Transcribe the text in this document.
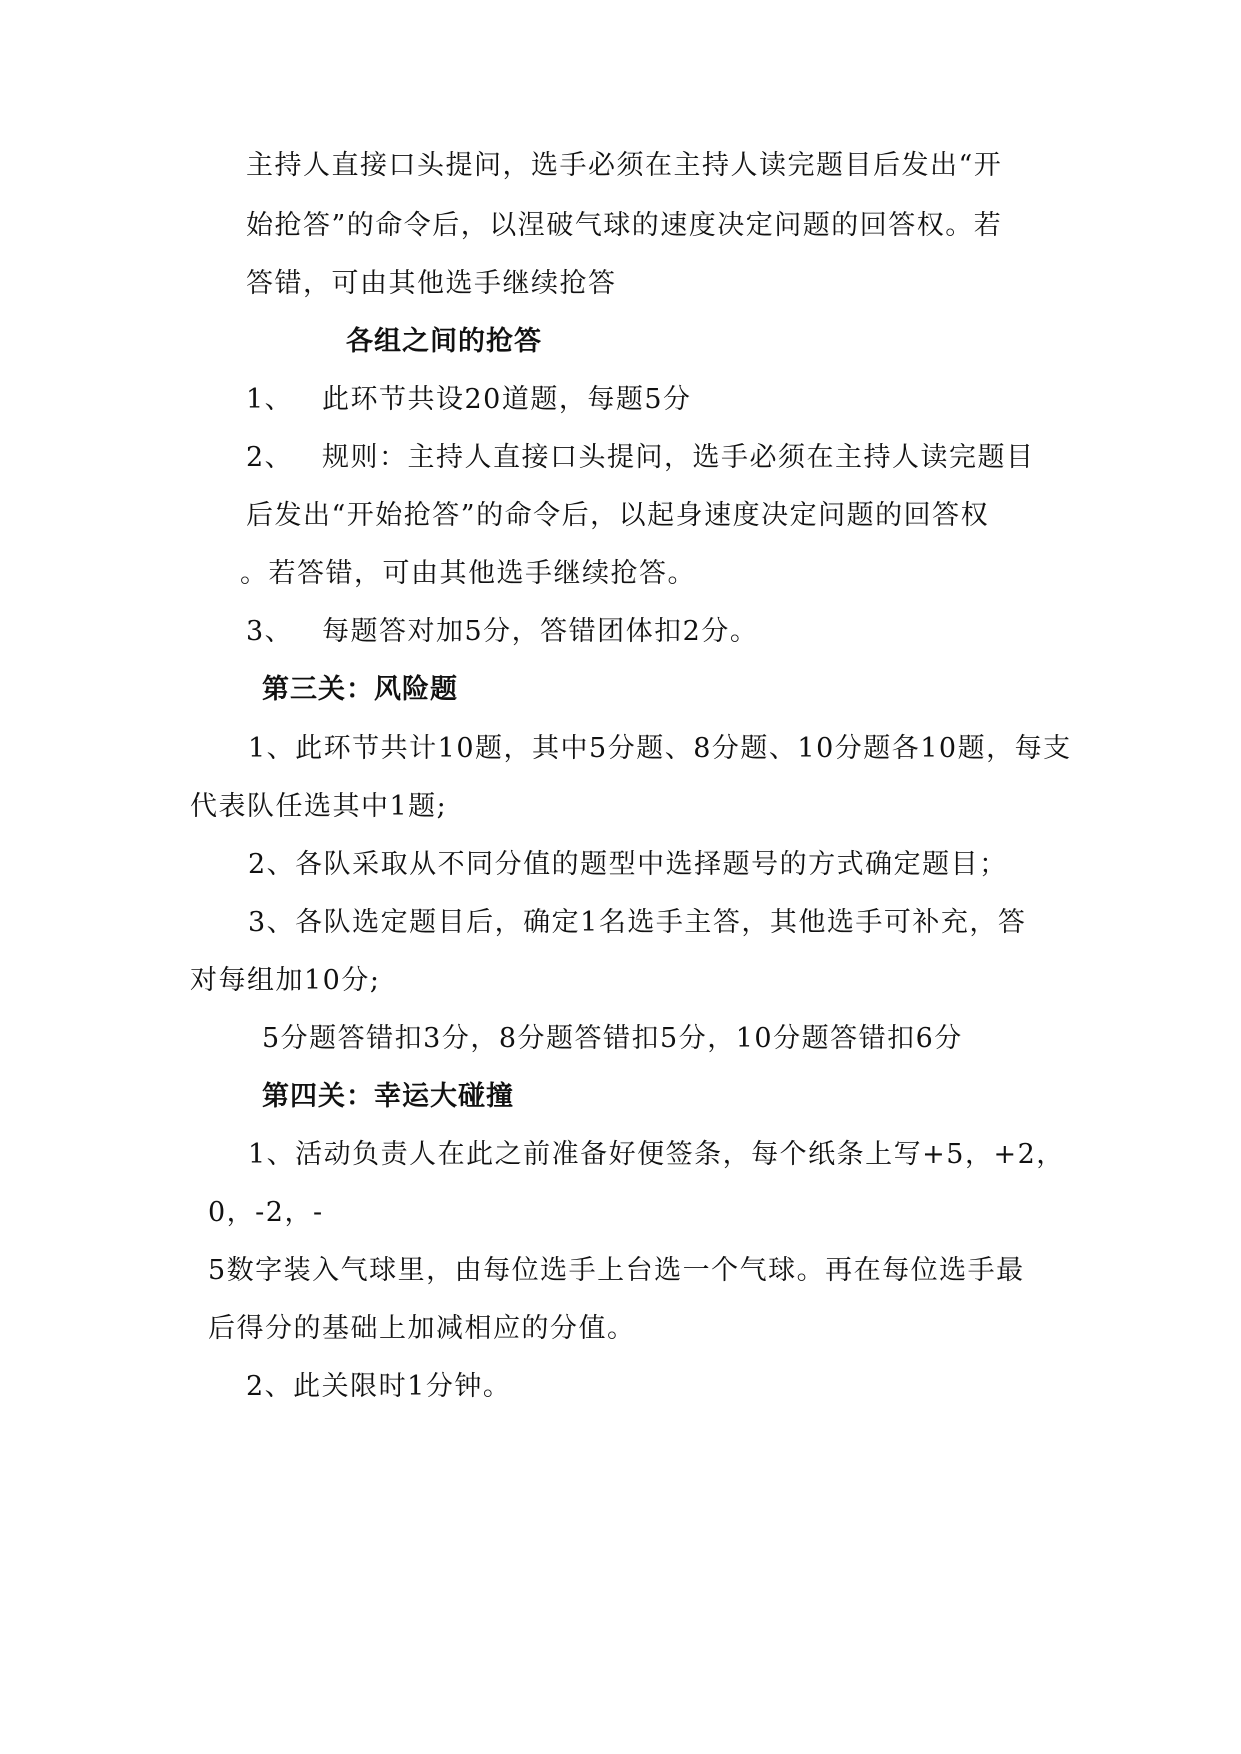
主持人直接口头提问，选手必须在主持人读完题目后发出“开
始抢答”的命令后，以涅破气球的速度决定问题的回答权。若
答错，可由其他选手继续抢答
各组之间的抢答
1、 此环节共设20道题，每题5分
2、 规则：主持人直接口头提问，选手必须在主持人读完题目
后发出“开始抢答”的命令后，以起身速度决定问题的回答权
。若答错，可由其他选手继续抢答。
3、 每题答对加5分，答错团体扣2分。
第三关：风险题
1、此环节共计10题，其中5分题、8分题、10分题各10题，每支
代表队任选其中1题;
2、各队采取从不同分值的题型中选择题号的方式确定题目；
3、各队选定题目后，确定1名选手主答，其他选手可补充，答
对每组加10分;
5分题答错扣3分，8分题答错扣5分，10分题答错扣6分
第四关：幸运大碰撞
1、活动负责人在此之前准备好便签条，每个纸条上写+5，+2，
0，-2，-
5数字装入气球里，由每位选手上台选一个气球。再在每位选手最
后得分的基础上加减相应的分值。
2、此关限时1分钟。
